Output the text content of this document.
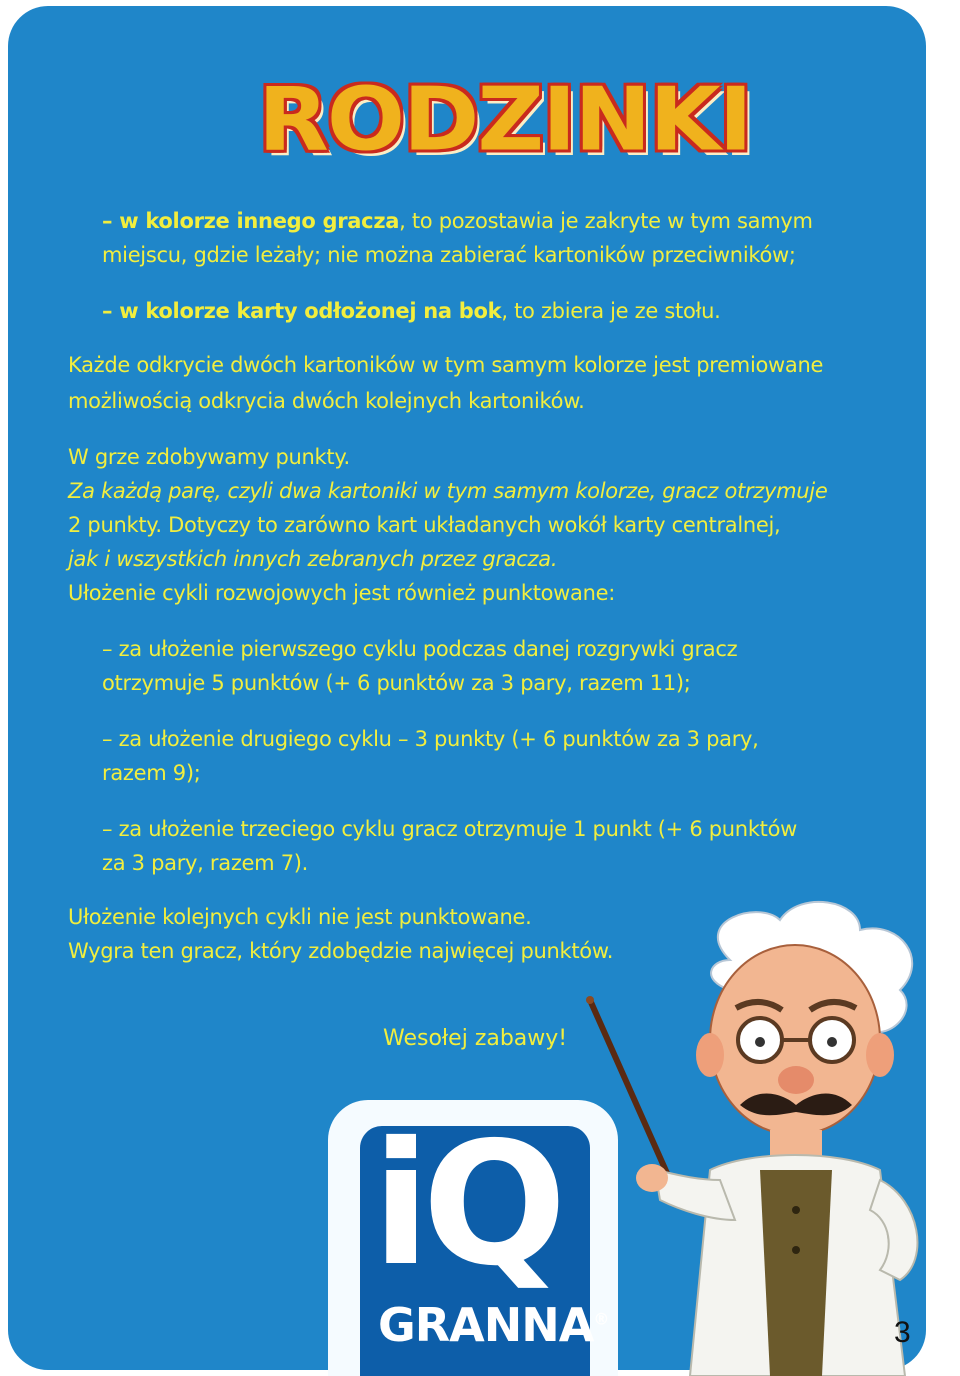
RODZINKI
– w kolorze innego gracza, to pozostawia je zakryte w tym samym
miejscu, gdzie leżały; nie można zabierać kartoników przeciwników;
– w kolorze karty odłożonej na bok, to zbiera je ze stołu.
Każde odkrycie dwóch kartoników w tym samym kolorze jest premiowane
możliwością odkrycia dwóch kolejnych kartoników.
W grze zdobywamy punkty.
Za każdą parę, czyli dwa kartoniki w tym samym kolorze, gracz otrzymuje
2 punkty. Dotyczy to zarówno kart układanych wokół karty centralnej,
jak i wszystkich innych zebranych przez gracza.
Ułożenie cykli rozwojowych jest również punktowane:
– za ułożenie pierwszego cyklu podczas danej rozgrywki gracz
otrzymuje 5 punktów (+ 6 punktów za 3 pary, razem 11);
– za ułożenie drugiego cyklu – 3 punkty (+ 6 punktów za 3 pary,
razem 9);
– za ułożenie trzeciego cyklu gracz otrzymuje 1 punkt (+ 6 punktów
za 3 pary, razem 7).
Ułożenie kolejnych cykli nie jest punktowane.
Wygra ten gracz, który zdobędzie najwięcej punktów.
Wesołej zabawy!
iQ
GRANNA®	3
